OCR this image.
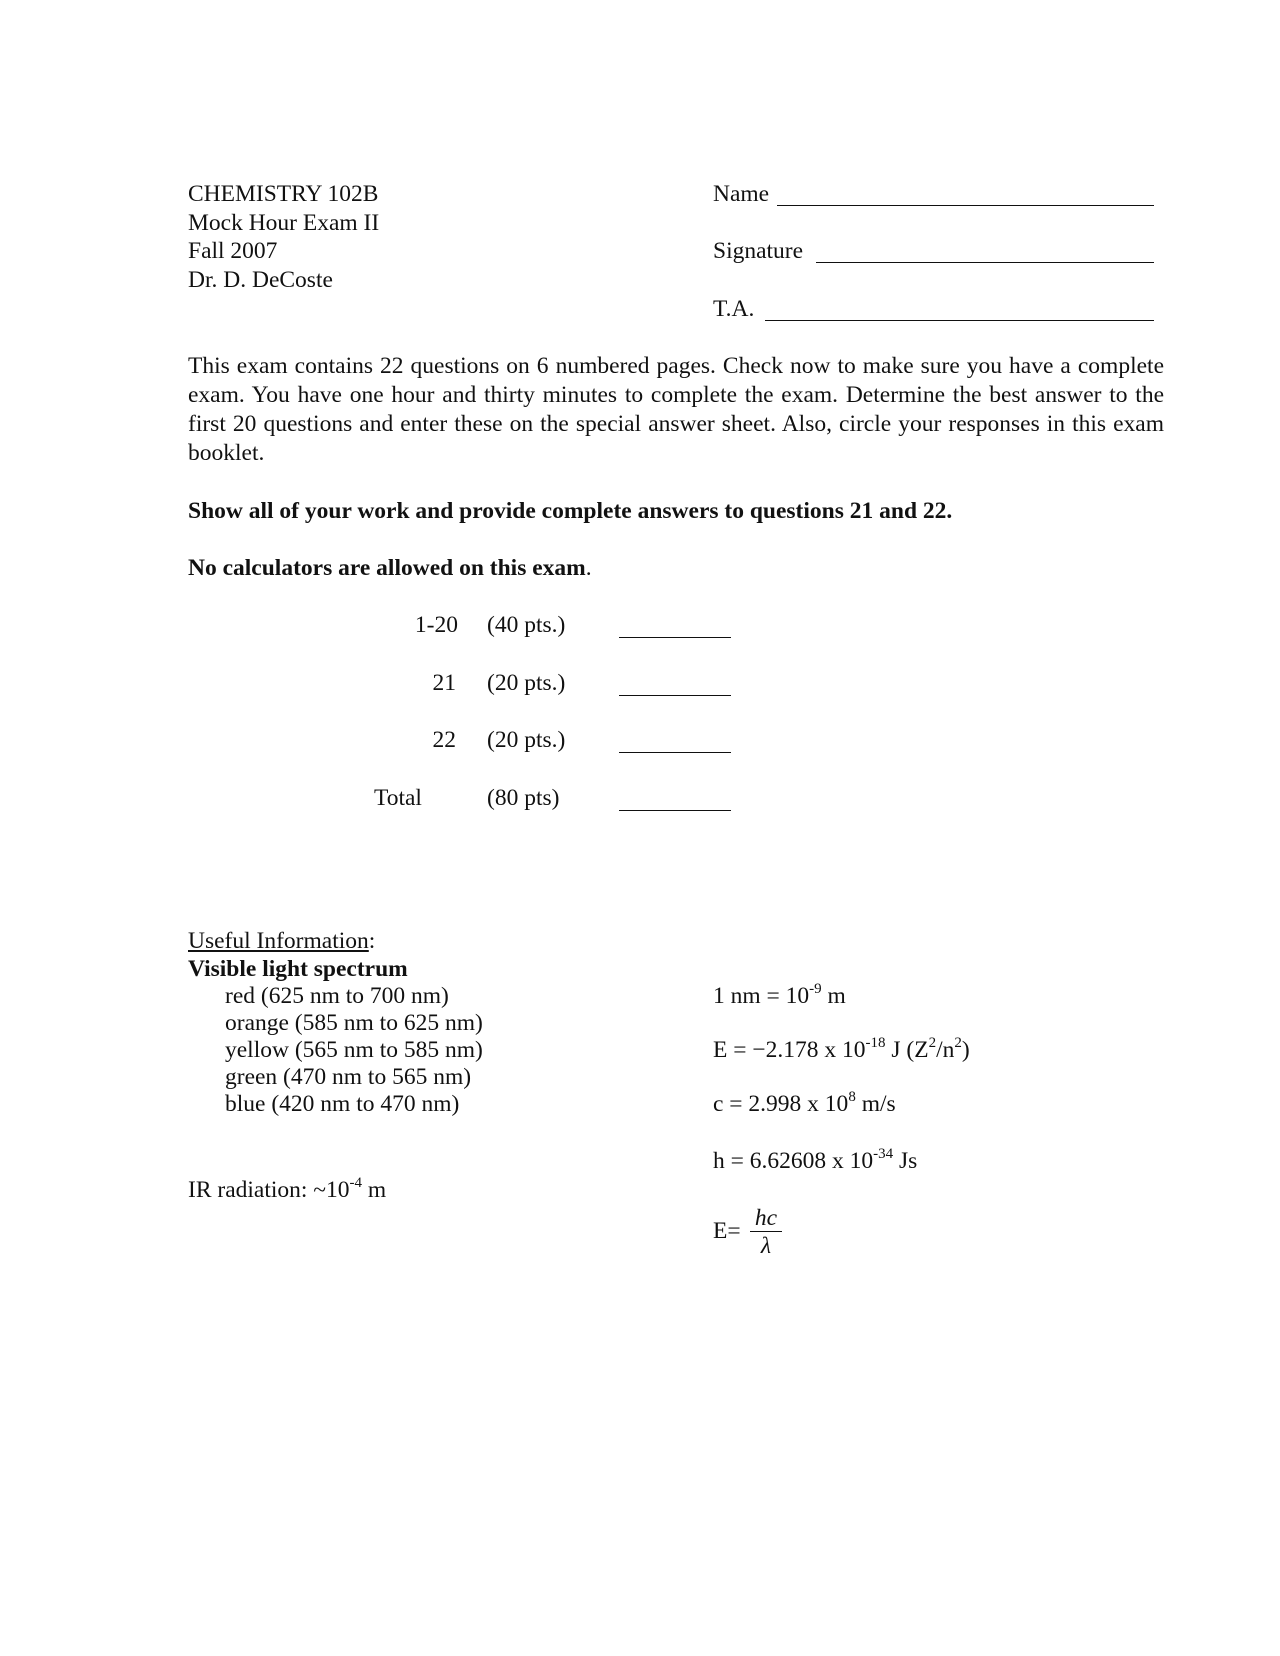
CHEMISTRY 102B
Mock Hour Exam II
Fall 2007
Dr. D. DeCoste
Name
Signature
T.A.
This exam contains 22 questions on 6 numbered pages. Check now to make sure you have a complete exam. You have one hour and thirty minutes to complete the exam. Determine the best answer to the first 20 questions and enter these on the special answer sheet. Also, circle your responses in this exam booklet.
Show all of your work and provide complete answers to questions 21 and 22.
No calculators are allowed on this exam.
1-20 (40 pts.)
21 (20 pts.)
22 (20 pts.)
Total	(80 pts)
Useful Information:
Visible light spectrum
red (625 nm to 700 nm)
orange (585 nm to 625 nm)
yellow (565 nm to 585 nm)
green (470 nm to 565 nm)
blue (420 nm to 470 nm)
IR radiation: $\sim 10^{-4}$ m
1 nm = $10^{-9}$ m
E = −2.178 x $10^{-18}$ J $(Z^2/n^2)$
c = 2.998 x $10^8$ m/s
h = 6.62608 x $10^{-34}$ Js
E= hc
λ
